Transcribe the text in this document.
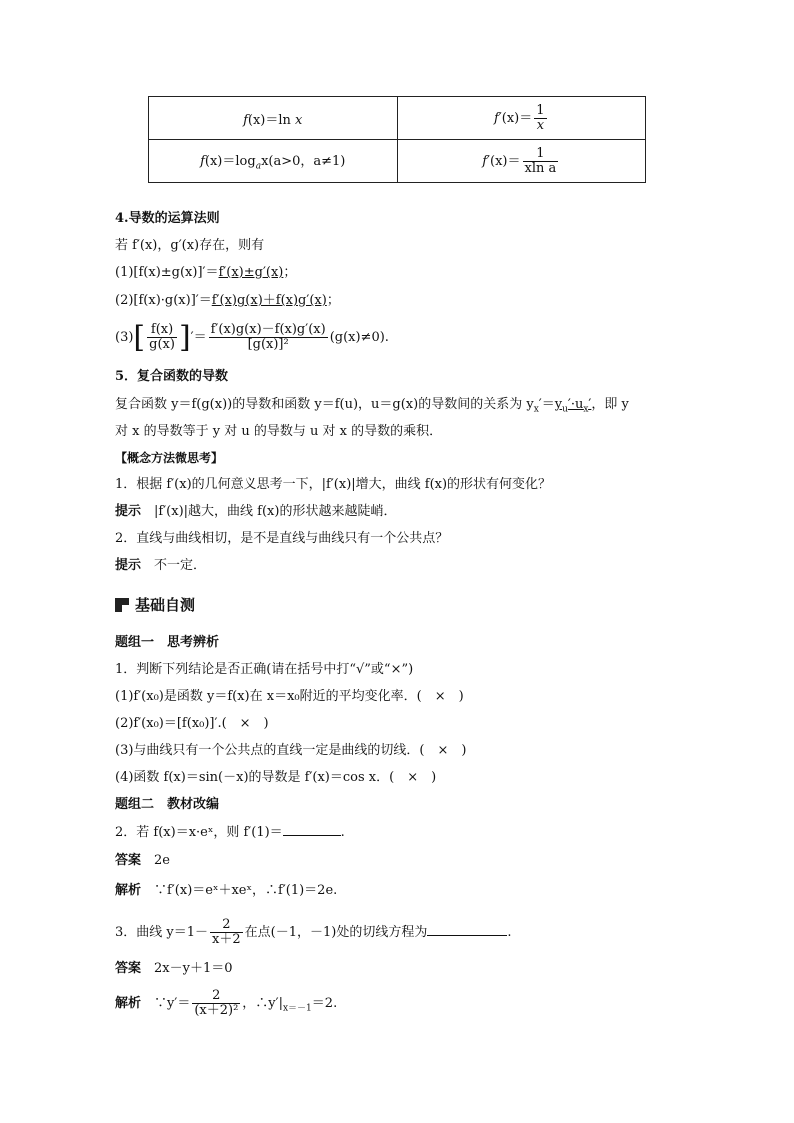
f(x)＝ln x	$f'(x)= \frac{1}{x}$

$f(x)=\log_ax(a>0$，a≠1)	$f'(x)= \frac{1}{\text{xln a}}$
4.导数的运算法则
若 f′(x)，g′(x)存在，则有
(1)[f(x)±g(x)]′＝f′(x)±g′(x)；
(2)[f(x)·g(x)]′＝f′(x)g(x)＋f(x)g′(x)；
$(3)[ \frac{f(x)}{g(x)}$ ]′＝ $\frac{f'(x)g(x)-f(x)g'(x)}{\text{[g(x)]²}} (g(x)\ne 0)$.
5．复合函数的导数
复合函数 y＝f(g(x))的导数和函数 y＝f(u)，u＝g(x)的导数间的关系为 $y_x'=y_u'\cdot u_x'$，即 y
对 x 的导数等于 y 对 u 的导数与 u 对 x 的导数的乘积．
【概念方法微思考】
1．根据 f′(x)的几何意义思考一下，|f′(x)|增大，曲线 f(x)的形状有何变化？
提示　 |f′(x)|越大，曲线 f(x)的形状越来越陡峭．
2．直线与曲线相切，是不是直线与曲线只有一个公共点？
提示　 不一定．
基础自测
题组一　思考辨析
1．判断下列结论是否正确(请在括号中打“√”或“×”)
(1)f′(x₀)是函数 y＝f(x)在 x＝x₀附近的平均变化率．(　×　)
(2)f′(x₀)＝[f(x₀)]′.(　×　)
(3)与曲线只有一个公共点的直线一定是曲线的切线．(　×　)
(4)函数 f(x)＝sin(－x)的导数是 f′(x)＝cos x．(　×　)
题组二　教材改编
2．若 f(x)＝x·eˣ，则 f′(1)＝	.
答案　 2e
解析　 ∵f′(x)＝eˣ＋xeˣ，∴f′(1)＝2e.
3．曲线 $y=1- \frac{2}{x+2}$ 在点(－1，－1)处的切线方程为	.
答案　 2x－y＋1＝0
解析　 ∵y′＝ $\frac{2}{\text{(x＋2)²}}$ ，$\therefore y'|_{x=-1}=2$.
